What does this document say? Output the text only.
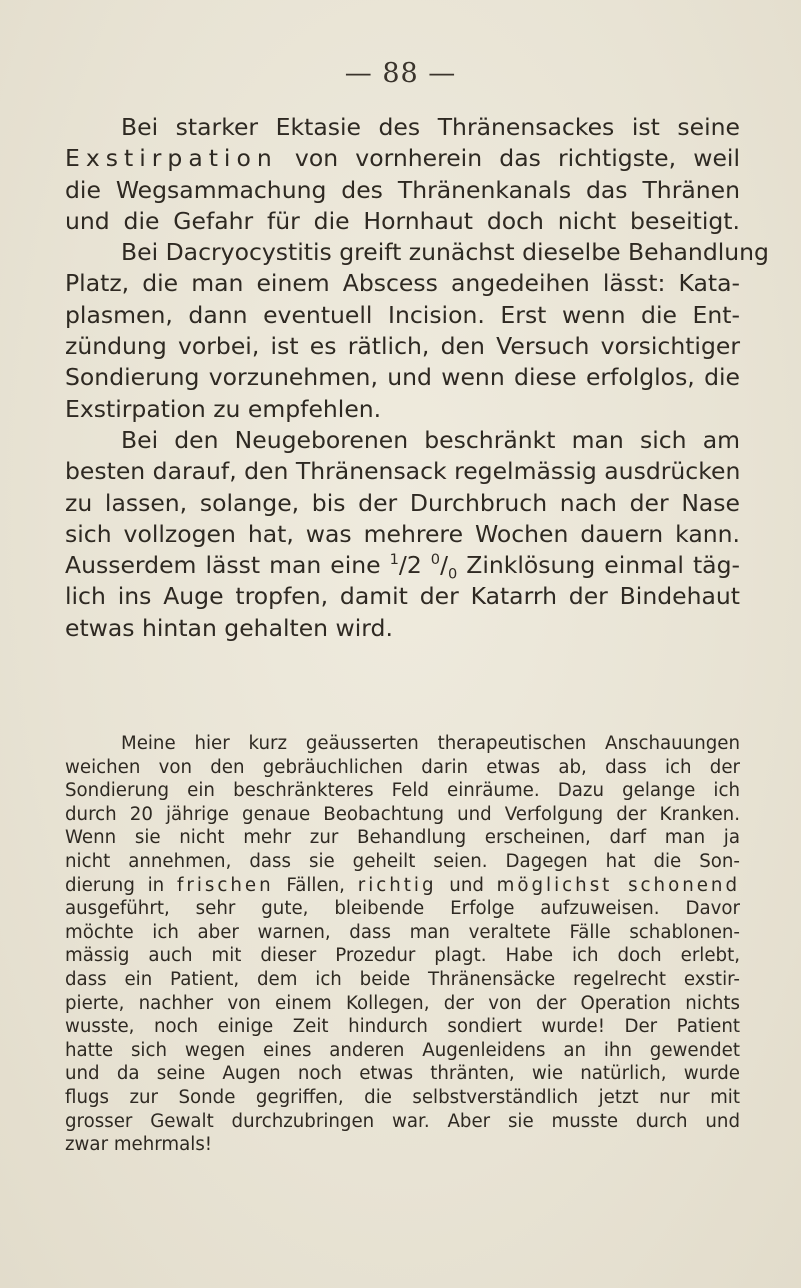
— 88 —
Bei starker Ektasie des Thränensackes ist seine
Exstirpation von vornherein das richtigste, weil
die Wegsammachung des Thränenkanals das Thränen
und die Gefahr für die Hornhaut doch nicht beseitigt.
Bei Dacryocystitis greift zunächst dieselbe Behandlung
Platz, die man einem Abscess angedeihen lässt: Kata-
plasmen, dann eventuell Incision. Erst wenn die Ent-
zündung vorbei, ist es rätlich, den Versuch vorsichtiger
Sondierung vorzunehmen, und wenn diese erfolglos, die
Exstirpation zu empfehlen.
Bei den Neugeborenen beschränkt man sich am
besten darauf, den Thränensack regelmässig ausdrücken
zu lassen, solange, bis der Durchbruch nach der Nase
sich vollzogen hat, was mehrere Wochen dauern kann.
Ausserdem lässt man eine $^1$/2 $^0/_0$ Zinklösung einmal täg-
lich ins Auge tropfen, damit der Katarrh der Bindehaut
etwas hintan gehalten wird.
Meine hier kurz geäusserten therapeutischen Anschauungen
weichen von den gebräuchlichen darin etwas ab, dass ich der
Sondierung ein beschränkteres Feld einräume. Dazu gelange ich
durch 20 jährige genaue Beobachtung und Verfolgung der Kranken.
Wenn sie nicht mehr zur Behandlung erscheinen, darf man ja
nicht annehmen, dass sie geheilt seien. Dagegen hat die Son-
dierung in frischen Fällen, richtig und möglichst schonend
ausgeführt, sehr gute, bleibende Erfolge aufzuweisen. Davor
möchte ich aber warnen, dass man veraltete Fälle schablonen-
mässig auch mit dieser Prozedur plagt. Habe ich doch erlebt,
dass ein Patient, dem ich beide Thränensäcke regelrecht exstir-
pierte, nachher von einem Kollegen, der von der Operation nichts
wusste, noch einige Zeit hindurch sondiert wurde! Der Patient
hatte sich wegen eines anderen Augenleidens an ihn gewendet
und da seine Augen noch etwas thränten, wie natürlich, wurde
flugs zur Sonde gegriffen, die selbstverständlich jetzt nur mit
grosser Gewalt durchzubringen war. Aber sie musste durch und
zwar mehrmals!
